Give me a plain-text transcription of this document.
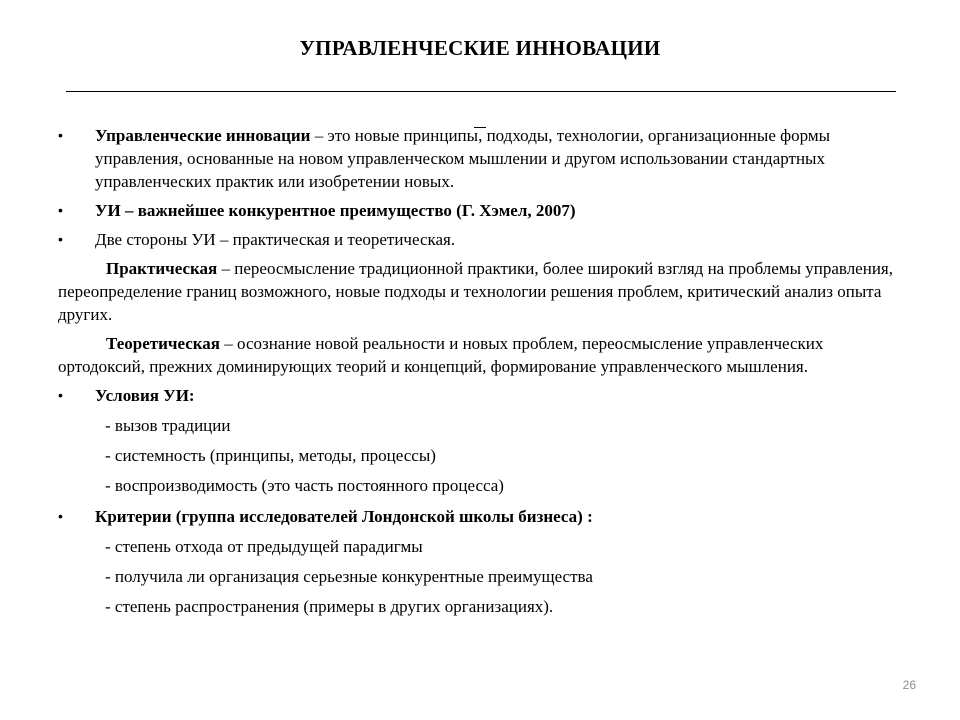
УПРАВЛЕНЧЕСКИЕ ИННОВАЦИИ
•	Управленческие инновации – это новые принципы, подходы, технологии, организационные формы управления, основанные на новом управленческом мышлении и другом использовании стандартных управленческих практик или изобретении новых.
•	УИ – важнейшее конкурентное преимущество (Г. Хэмел, 2007)
•	Две стороны УИ – практическая и теоретическая.
Практическая – переосмысление традиционной практики, более широкий взгляд на проблемы управления, переопределение границ возможного, новые подходы и технологии решения проблем, критический анализ опыта других.
Теоретическая – осознание новой реальности и новых проблем, переосмысление управленческих ортодоксий, прежних доминирующих теорий и концепций, формирование управленческого мышления.
•	Условия УИ:
- вызов традиции
- системность (принципы, методы, процессы)
- воспроизводимость (это часть постоянного процесса)
•	Критерии (группа исследователей Лондонской школы бизнеса) :
- степень отхода от предыдущей парадигмы
- получила ли организация серьезные конкурентные преимущества
- степень распространения (примеры в других организациях).
26
